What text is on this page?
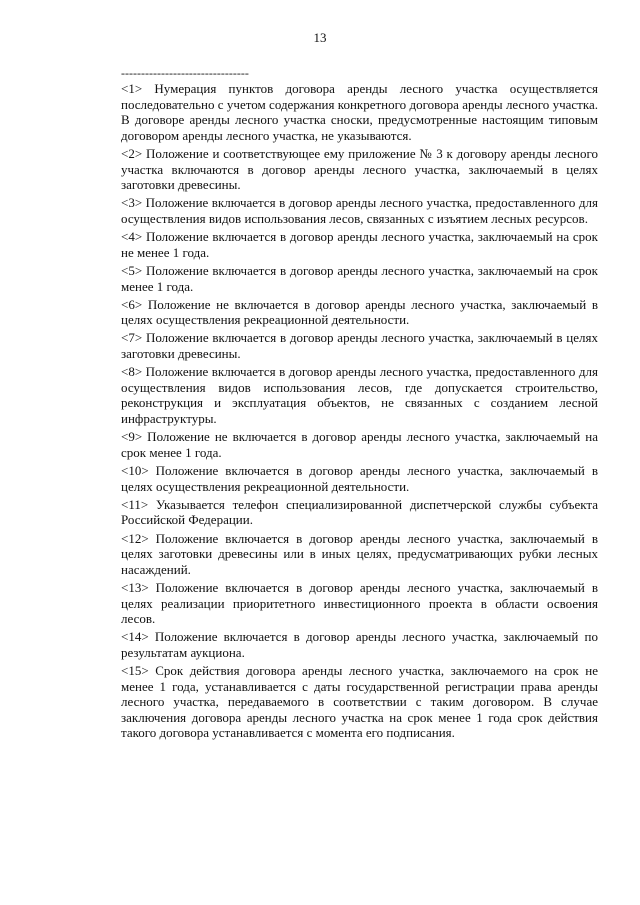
13
--------------------------------

<1> Нумерация пунктов договора аренды лесного участка осуществляется последовательно с учетом содержания конкретного договора аренды лесного участка. В договоре аренды лесного участка сноски, предусмотренные настоящим типовым договором аренды лесного участка, не указываются.

<2> Положение и соответствующее ему приложение № 3 к договору аренды лесного участка включаются в договор аренды лесного участка, заключаемый в целях заготовки древесины.

<3> Положение включается в договор аренды лесного участка, предоставленного для осуществления видов использования лесов, связанных с изъятием лесных ресурсов.

<4> Положение включается в договор аренды лесного участка, заключаемый на срок не менее 1 года.

<5> Положение включается в договор аренды лесного участка, заключаемый на срок менее 1 года.

<6> Положение не включается в договор аренды лесного участка, заключаемый в целях осуществления рекреационной деятельности.

<7> Положение включается в договор аренды лесного участка, заключаемый в целях заготовки древесины.

<8> Положение включается в договор аренды лесного участка, предоставленного для осуществления видов использования лесов, где допускается строительство, реконструкция и эксплуатация объектов, не связанных с созданием лесной инфраструктуры.

<9> Положение не включается в договор аренды лесного участка, заключаемый на срок менее 1 года.

<10> Положение включается в договор аренды лесного участка, заключаемый в целях осуществления рекреационной деятельности.

<11> Указывается телефон специализированной диспетчерской службы субъекта Российской Федерации.

<12> Положение включается в договор аренды лесного участка, заключаемый в целях заготовки древесины или в иных целях, предусматривающих рубки лесных насаждений.

<13> Положение включается в договор аренды лесного участка, заключаемый в целях реализации приоритетного инвестиционного проекта в области освоения лесов.

<14> Положение включается в договор аренды лесного участка, заключаемый по результатам аукциона.

<15> Срок действия договора аренды лесного участка, заключаемого на срок не менее 1 года, устанавливается с даты государственной регистрации права аренды лесного участка, передаваемого в соответствии с таким договором. В случае заключения договора аренды лесного участка на срок менее 1 года срок действия такого договора устанавливается с момента его подписания.
